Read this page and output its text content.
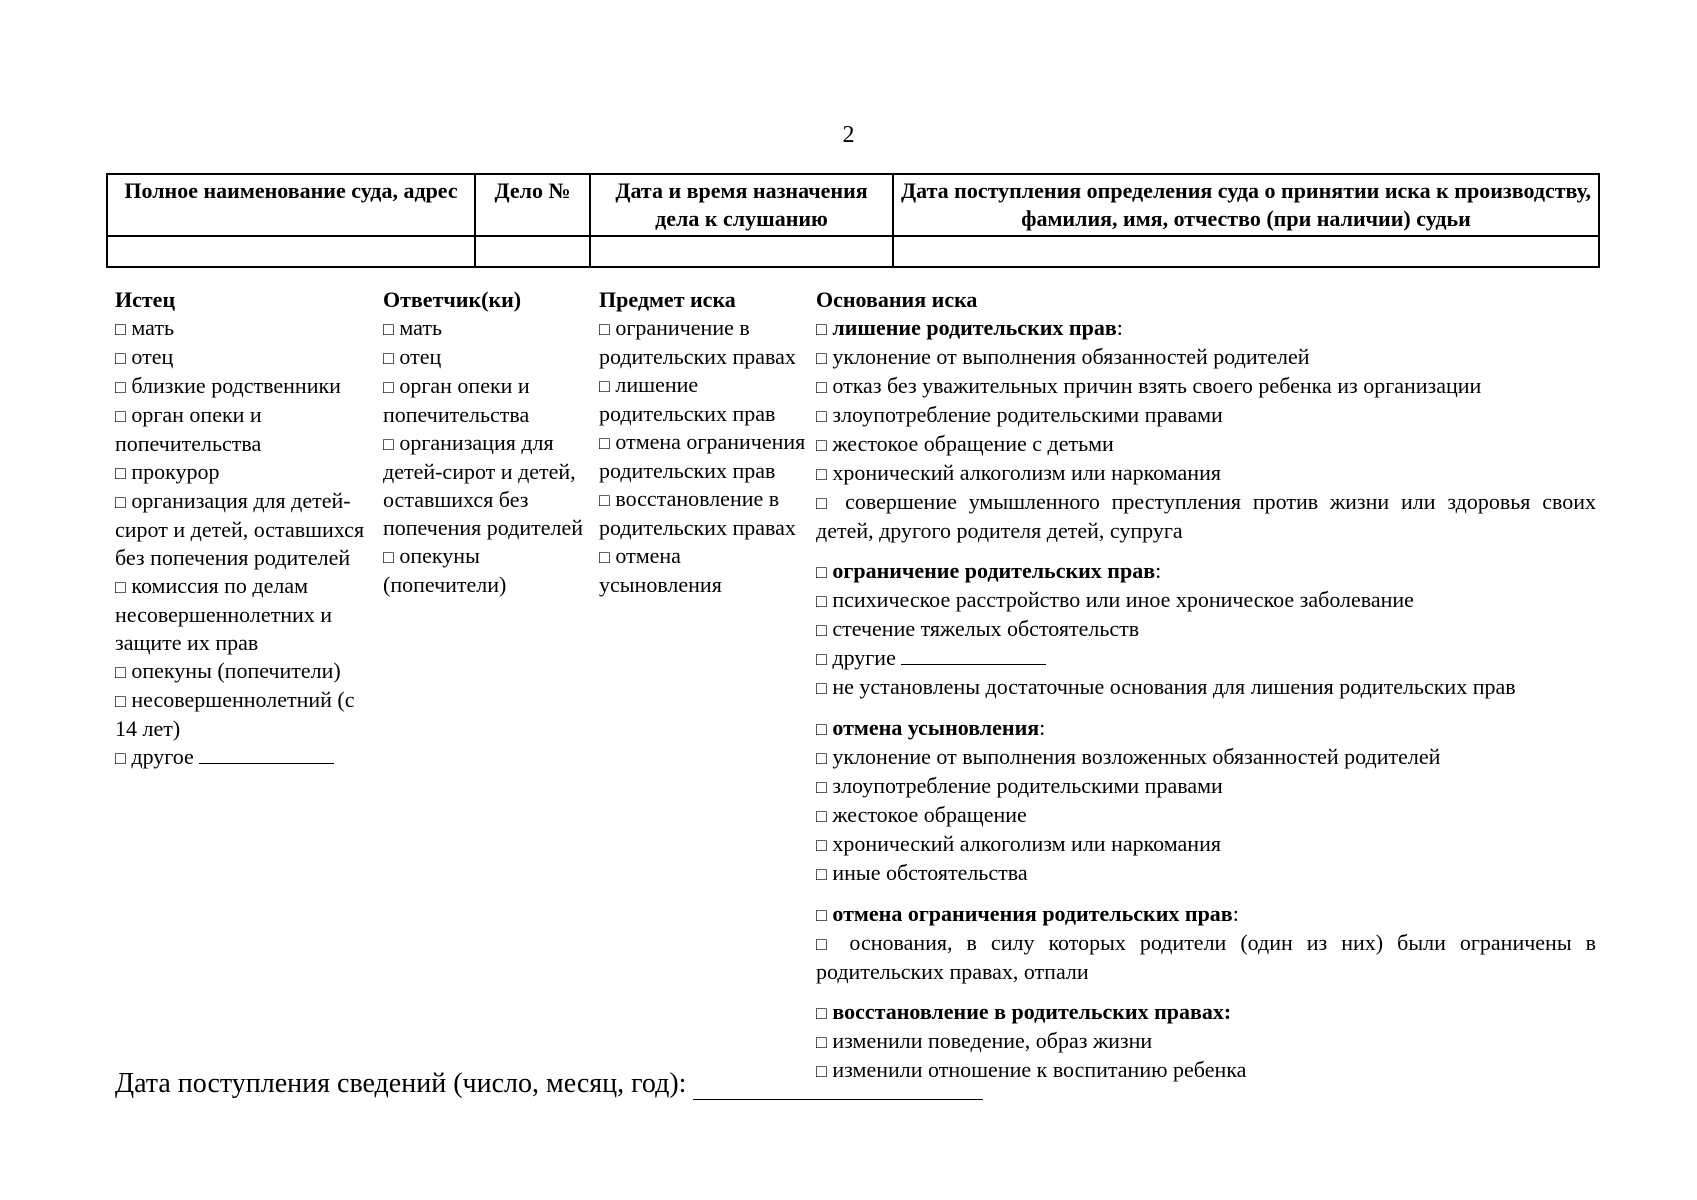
2
Полное наименование суда, адрес	Дело №	Дата и время назначения дела к слушанию	Дата поступления определения суда о принятии иска к производству, фамилия, имя, отчество (при наличии) судьи

Истец
□ мать
□ отец
□ близкие родственники
□ орган опеки и попечительства
□ прокурор
□ организация для детей-сирот и детей, оставшихся без попечения родителей
□ комиссия по делам несовершеннолетних и защите их прав
□ опекуны (попечители)
□ несовершеннолетний (с 14 лет)
□ другое
Ответчик(ки)
□ мать
□ отец
□ орган опеки и попечительства
□ организация для детей-сирот и детей, оставшихся без попечения родителей
□ опекуны (попечители)
Предмет иска
□ ограничение в родительских правах
□ лишение родительских прав
□ отмена ограничения родительских прав
□ восстановление в родительских правах
□ отмена усыновления
Основания иска
□ лишение родительских прав:
□ уклонение от выполнения обязанностей родителей
□ отказ без уважительных причин взять своего ребенка из организации
□ злоупотребление родительскими правами
□ жестокое обращение с детьми
□ хронический алкоголизм или наркомания
□ совершение умышленного преступления против жизни или здоровья своих детей, другого родителя детей, супруга
□ ограничение родительских прав:
□ психическое расстройство или иное хроническое заболевание
□ стечение тяжелых обстоятельств
□ другие
□ не установлены достаточные основания для лишения родительских прав
□ отмена усыновления:
□ уклонение от выполнения возложенных обязанностей родителей
□ злоупотребление родительскими правами
□ жестокое обращение
□ хронический алкоголизм или наркомания
□ иные обстоятельства
□ отмена ограничения родительских прав:
□ основания, в силу которых родители (один из них) были ограничены в родительских правах, отпали
□ восстановление в родительских правах:
□ изменили поведение, образ жизни
□ изменили отношение к воспитанию ребенка
Дата поступления сведений (число, месяц, год):
